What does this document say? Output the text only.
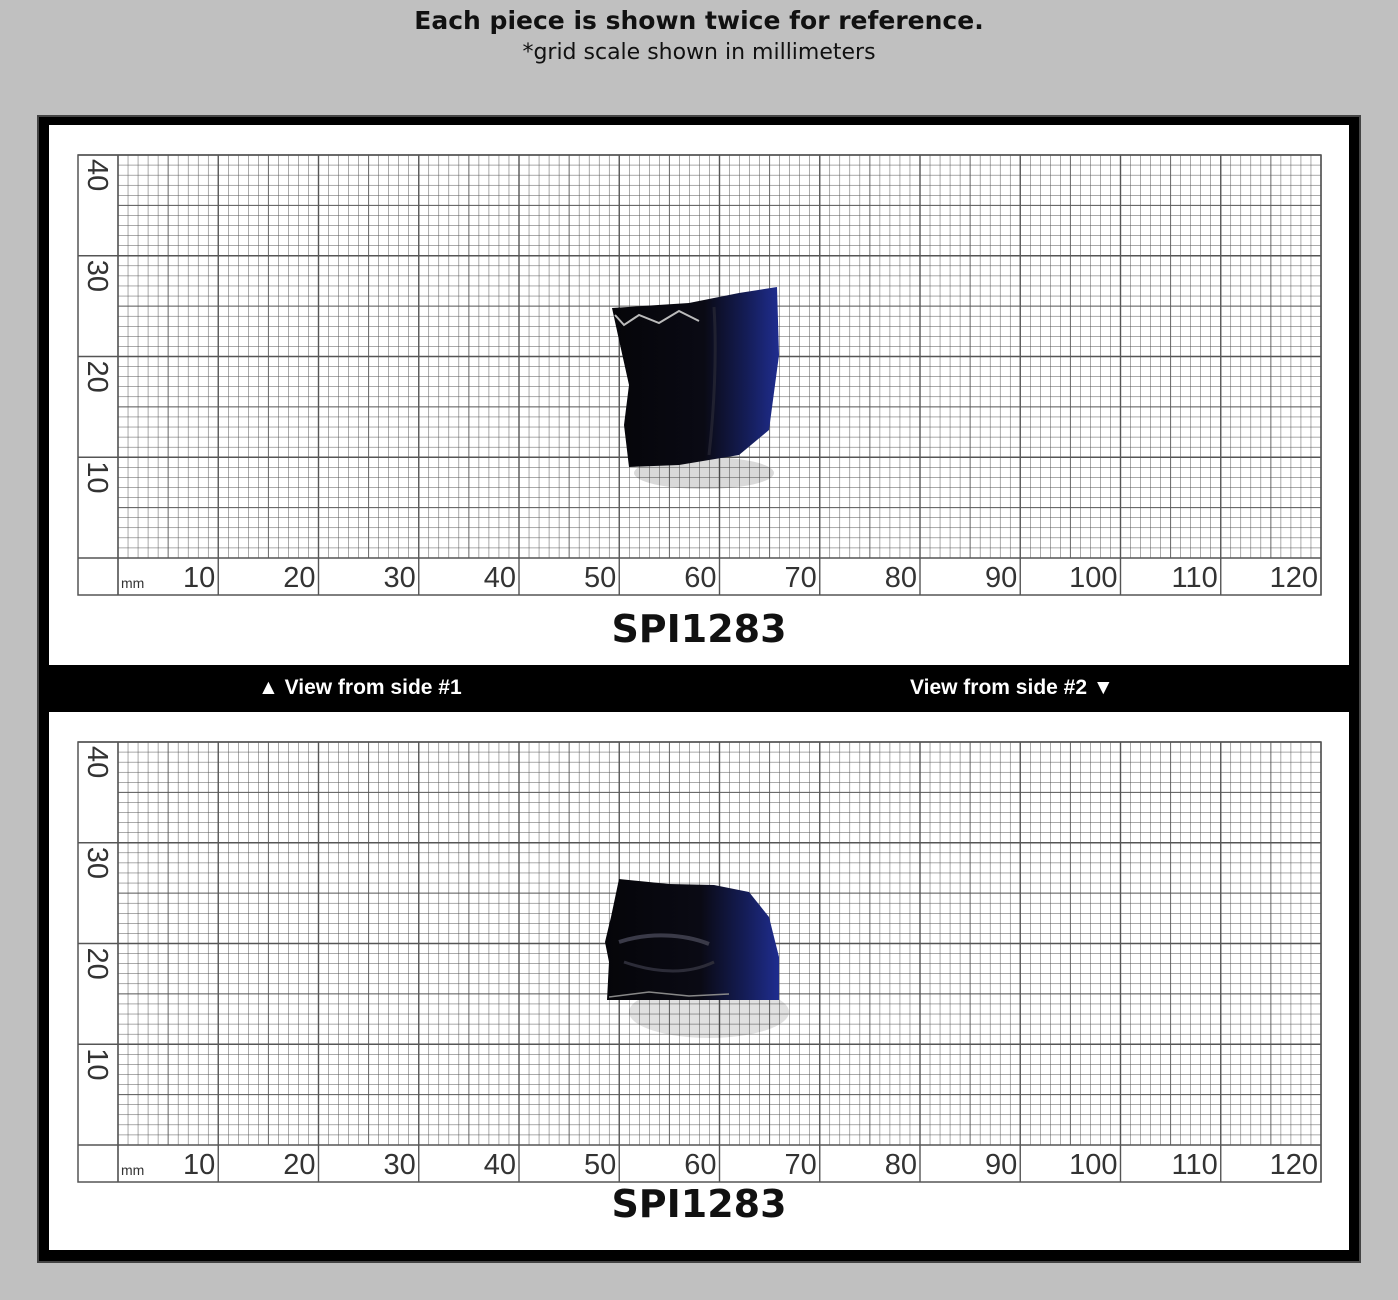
Each piece is shown twice for reference.
*grid scale shown in millimeters
mm 10 20 30 40 50 60 70 80 90 100 110 120
10
20
30
40
SPI1283
▲ View from side #1	View from side #2 ▼
mm 10 20 30 40 50 60 70 80 90 100 110 120
10
20
30
40
SPI1283
